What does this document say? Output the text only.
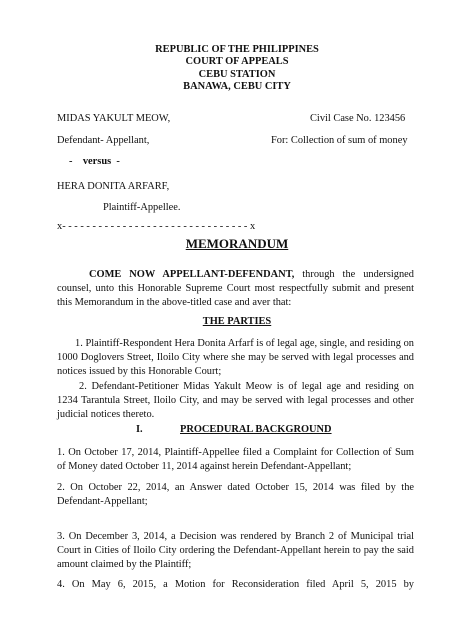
REPUBLIC OF THE PHILIPPINES
COURT OF APPEALS
CEBU STATION
BANAWA, CEBU CITY
MIDAS YAKULT MEOW,	Civil Case No. 123456
Defendant- Appellant,	For: Collection of sum of money
-    versus  -
HERA DONITA ARFARF,
Plaintiff-Appellee.
x- - - - - - - - - - - - - - - - - - - - - - - - - - - - - - - x
MEMORANDUM
COME NOW APPELLANT-DEFENDANT, through the undersigned counsel, unto this Honorable Supreme Court most respectfully submit and present this Memorandum in the above-titled case and aver that:
THE PARTIES
1. Plaintiff-Respondent Hera Donita Arfarf is of legal age, single, and residing on 1000 Doglovers Street, Iloilo City where she may be served with legal processes and notices issued by this Honorable Court;
2. Defendant-Petitioner Midas Yakult Meow is of legal age and residing on 1234 Tarantula Street, Iloilo City, and may be served with legal processes and other judicial notices thereto.
I.	PROCEDURAL BACKGROUND
1. On October 17, 2014, Plaintiff-Appellee filed a Complaint for Collection of Sum of Money dated October 11, 2014 against herein Defendant-Appellant;
2. On October 22, 2014, an Answer dated October 15, 2014 was filed by the Defendant-Appellant;
3. On December 3, 2014, a Decision was rendered by Branch 2 of Municipal trial Court in Cities of Iloilo City ordering the Defendant-Appellant herein to pay the said amount claimed by the Plaintiff;
4. On May 6, 2015, a Motion for Reconsideration filed April 5, 2015 by
